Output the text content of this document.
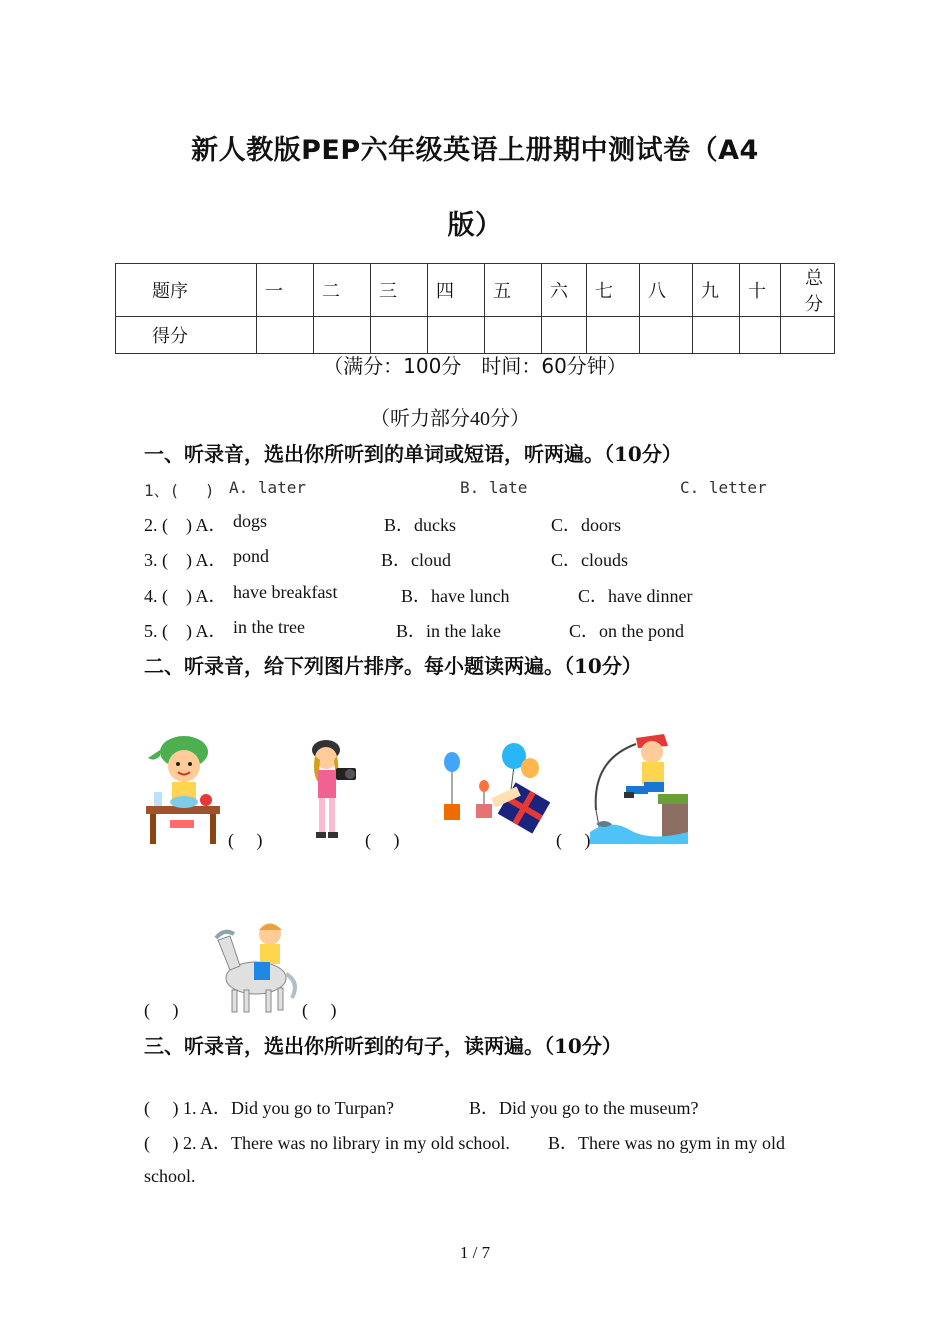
新人教版PEP六年级英语上册期中测试卷（A4
版）
题序	一	二	三	四	五	六	七	八	九	十	总分
得分											
（满分：100分　时间：60分钟）
（听力部分40分）
一、听录音，选出你所听到的单词或短语，听两遍。（10分）
1、(　 ) A. later	B. late	C. letter
2. (　) A． dogs	B．ducks	C．doors
3. (　) A． pond	B．cloud	C．clouds
4. (　) A． have breakfast	B．have lunch	C．have dinner
5. (　) A． in the tree	B．in the lake	C．on the pond
二、听录音，给下列图片排序。每小题读两遍。（10分）
(　 )	(　 )	(　 )
(　 )	(　 )
三、听录音，选出你所听到的句子，读两遍。（10分）
(　 ) 1. A．Did you go to Turpan?	B．Did you go to the museum?
(　 ) 2. A．There was no library in my old school. B．There was no gym in my old
school.
1 / 7
